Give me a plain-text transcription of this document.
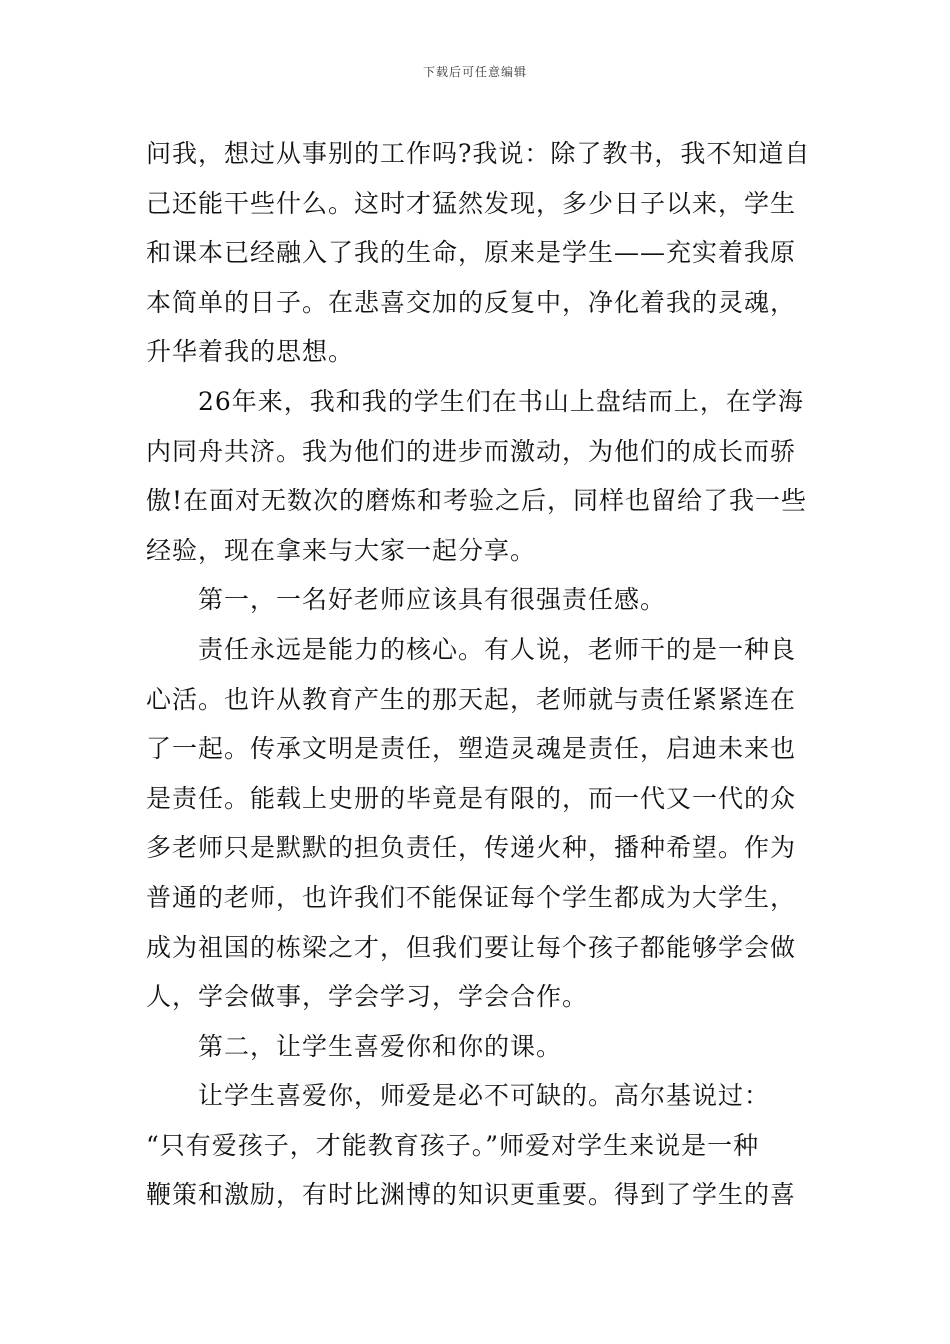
下载后可任意编辑
问我，想过从事别的工作吗?我说：除了教书，我不知道自
己还能干些什么。这时才猛然发现，多少日子以来，学生
和课本已经融入了我的生命，原来是学生——充实着我原
本简单的日子。在悲喜交加的反复中，净化着我的灵魂，
升华着我的思想。
　　26年来，我和我的学生们在书山上盘结而上，在学海
内同舟共济。我为他们的进步而激动，为他们的成长而骄
傲!在面对无数次的磨炼和考验之后，同样也留给了我一些
经验，现在拿来与大家一起分享。
　　第一，一名好老师应该具有很强责任感。
　　责任永远是能力的核心。有人说，老师干的是一种良
心活。也许从教育产生的那天起，老师就与责任紧紧连在
了一起。传承文明是责任，塑造灵魂是责任，启迪未来也
是责任。能载上史册的毕竟是有限的，而一代又一代的众
多老师只是默默的担负责任，传递火种，播种希望。作为
普通的老师，也许我们不能保证每个学生都成为大学生，
成为祖国的栋梁之才，但我们要让每个孩子都能够学会做
人，学会做事，学会学习，学会合作。
　　第二，让学生喜爱你和你的课。
　　让学生喜爱你，师爱是必不可缺的。高尔基说过：
“只有爱孩子，才能教育孩子。”师爱对学生来说是一种
鞭策和激励，有时比渊博的知识更重要。得到了学生的喜
